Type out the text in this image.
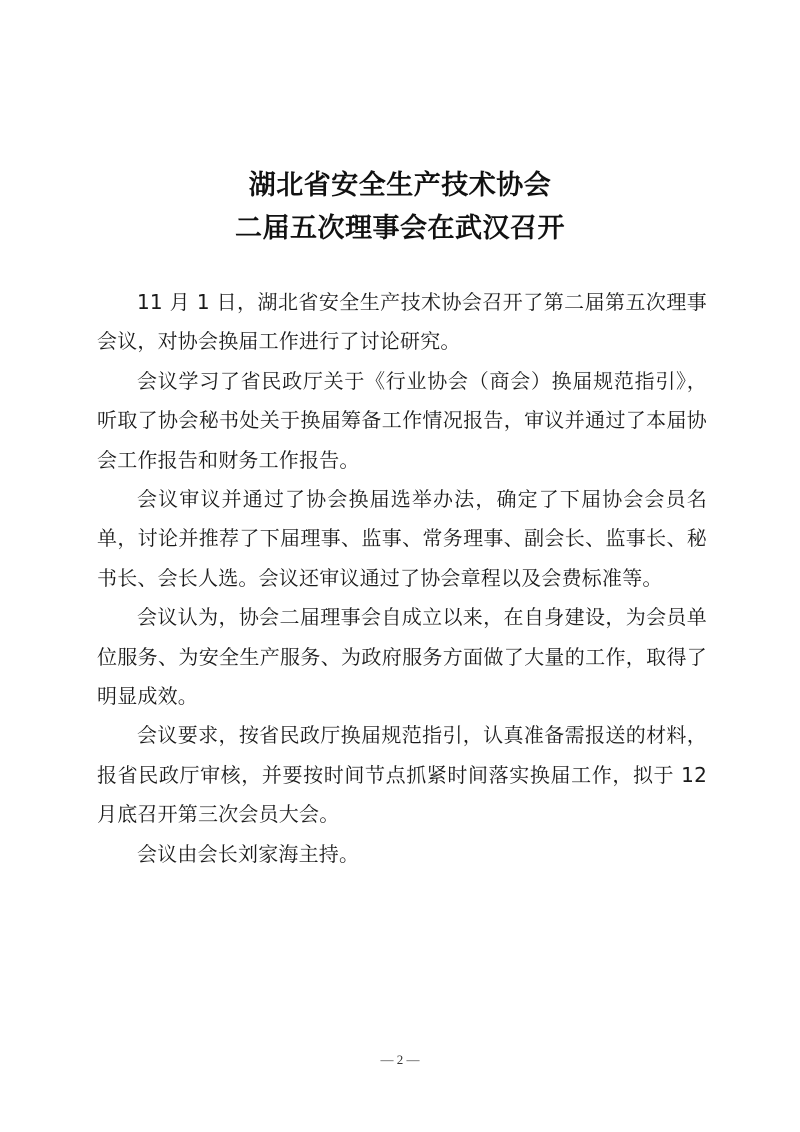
湖北省安全生产技术协会
二届五次理事会在武汉召开

11 月 1 日，湖北省安全生产技术协会召开了第二届第五次理事会议，对协会换届工作进行了讨论研究。

会议学习了省民政厅关于《行业协会（商会）换届规范指引》，听取了协会秘书处关于换届筹备工作情况报告，审议并通过了本届协会工作报告和财务工作报告。

会议审议并通过了协会换届选举办法，确定了下届协会会员名单，讨论并推荐了下届理事、监事、常务理事、副会长、监事长、秘书长、会长人选。会议还审议通过了协会章程以及会费标准等。

会议认为，协会二届理事会自成立以来，在自身建设，为会员单位服务、为安全生产服务、为政府服务方面做了大量的工作，取得了明显成效。

会议要求，按省民政厅换届规范指引，认真准备需报送的材料，报省民政厅审核，并要按时间节点抓紧时间落实换届工作，拟于 12 月底召开第三次会员大会。

会议由会长刘家海主持。

— 2 —
